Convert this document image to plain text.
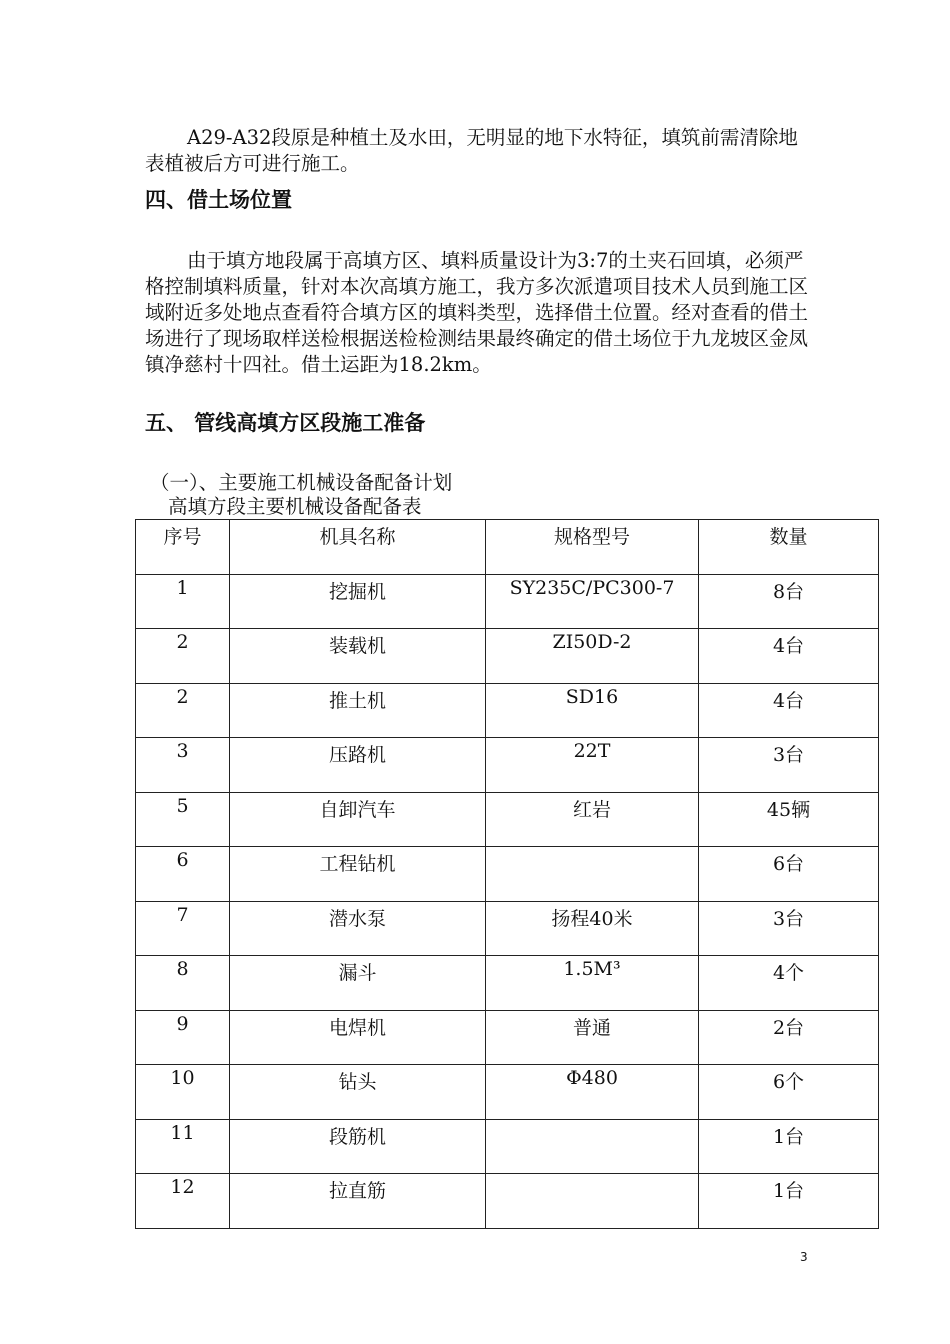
A29-A32段原是种植土及水田，无明显的地下水特征，填筑前需清除地表植被后方可进行施工。

四、借土场位置

由于填方地段属于高填方区、填料质量设计为3:7的土夹石回填，必须严格控制填料质量，针对本次高填方施工，我方多次派遣项目技术人员到施工区域附近多处地点查看符合填方区的填料类型，选择借土位置。经对查看的借土场进行了现场取样送检根据送检检测结果最终确定的借土场位于九龙坡区金凤镇净慈村十四社。借土运距为18.2km。

五、 管线高填方区段施工准备

（一）、主要施工机械设备配备计划

高填方段主要机械设备配备表

序号	机具名称	规格型号	数量
1	挖掘机	SY235C/PC300-7	8台
2	装载机	ZI50D-2	4台
2	推土机	SD16	4台
3	压路机	22T	3台
5	自卸汽车	红岩	45辆
6	工程钻机		6台
7	潜水泵	扬程40米	3台
8	漏斗	1.5M³	4个
9	电焊机	普通	2台
10	钻头	Φ480	6个
11	段筋机		1台
12	拉直筋		1台
3
